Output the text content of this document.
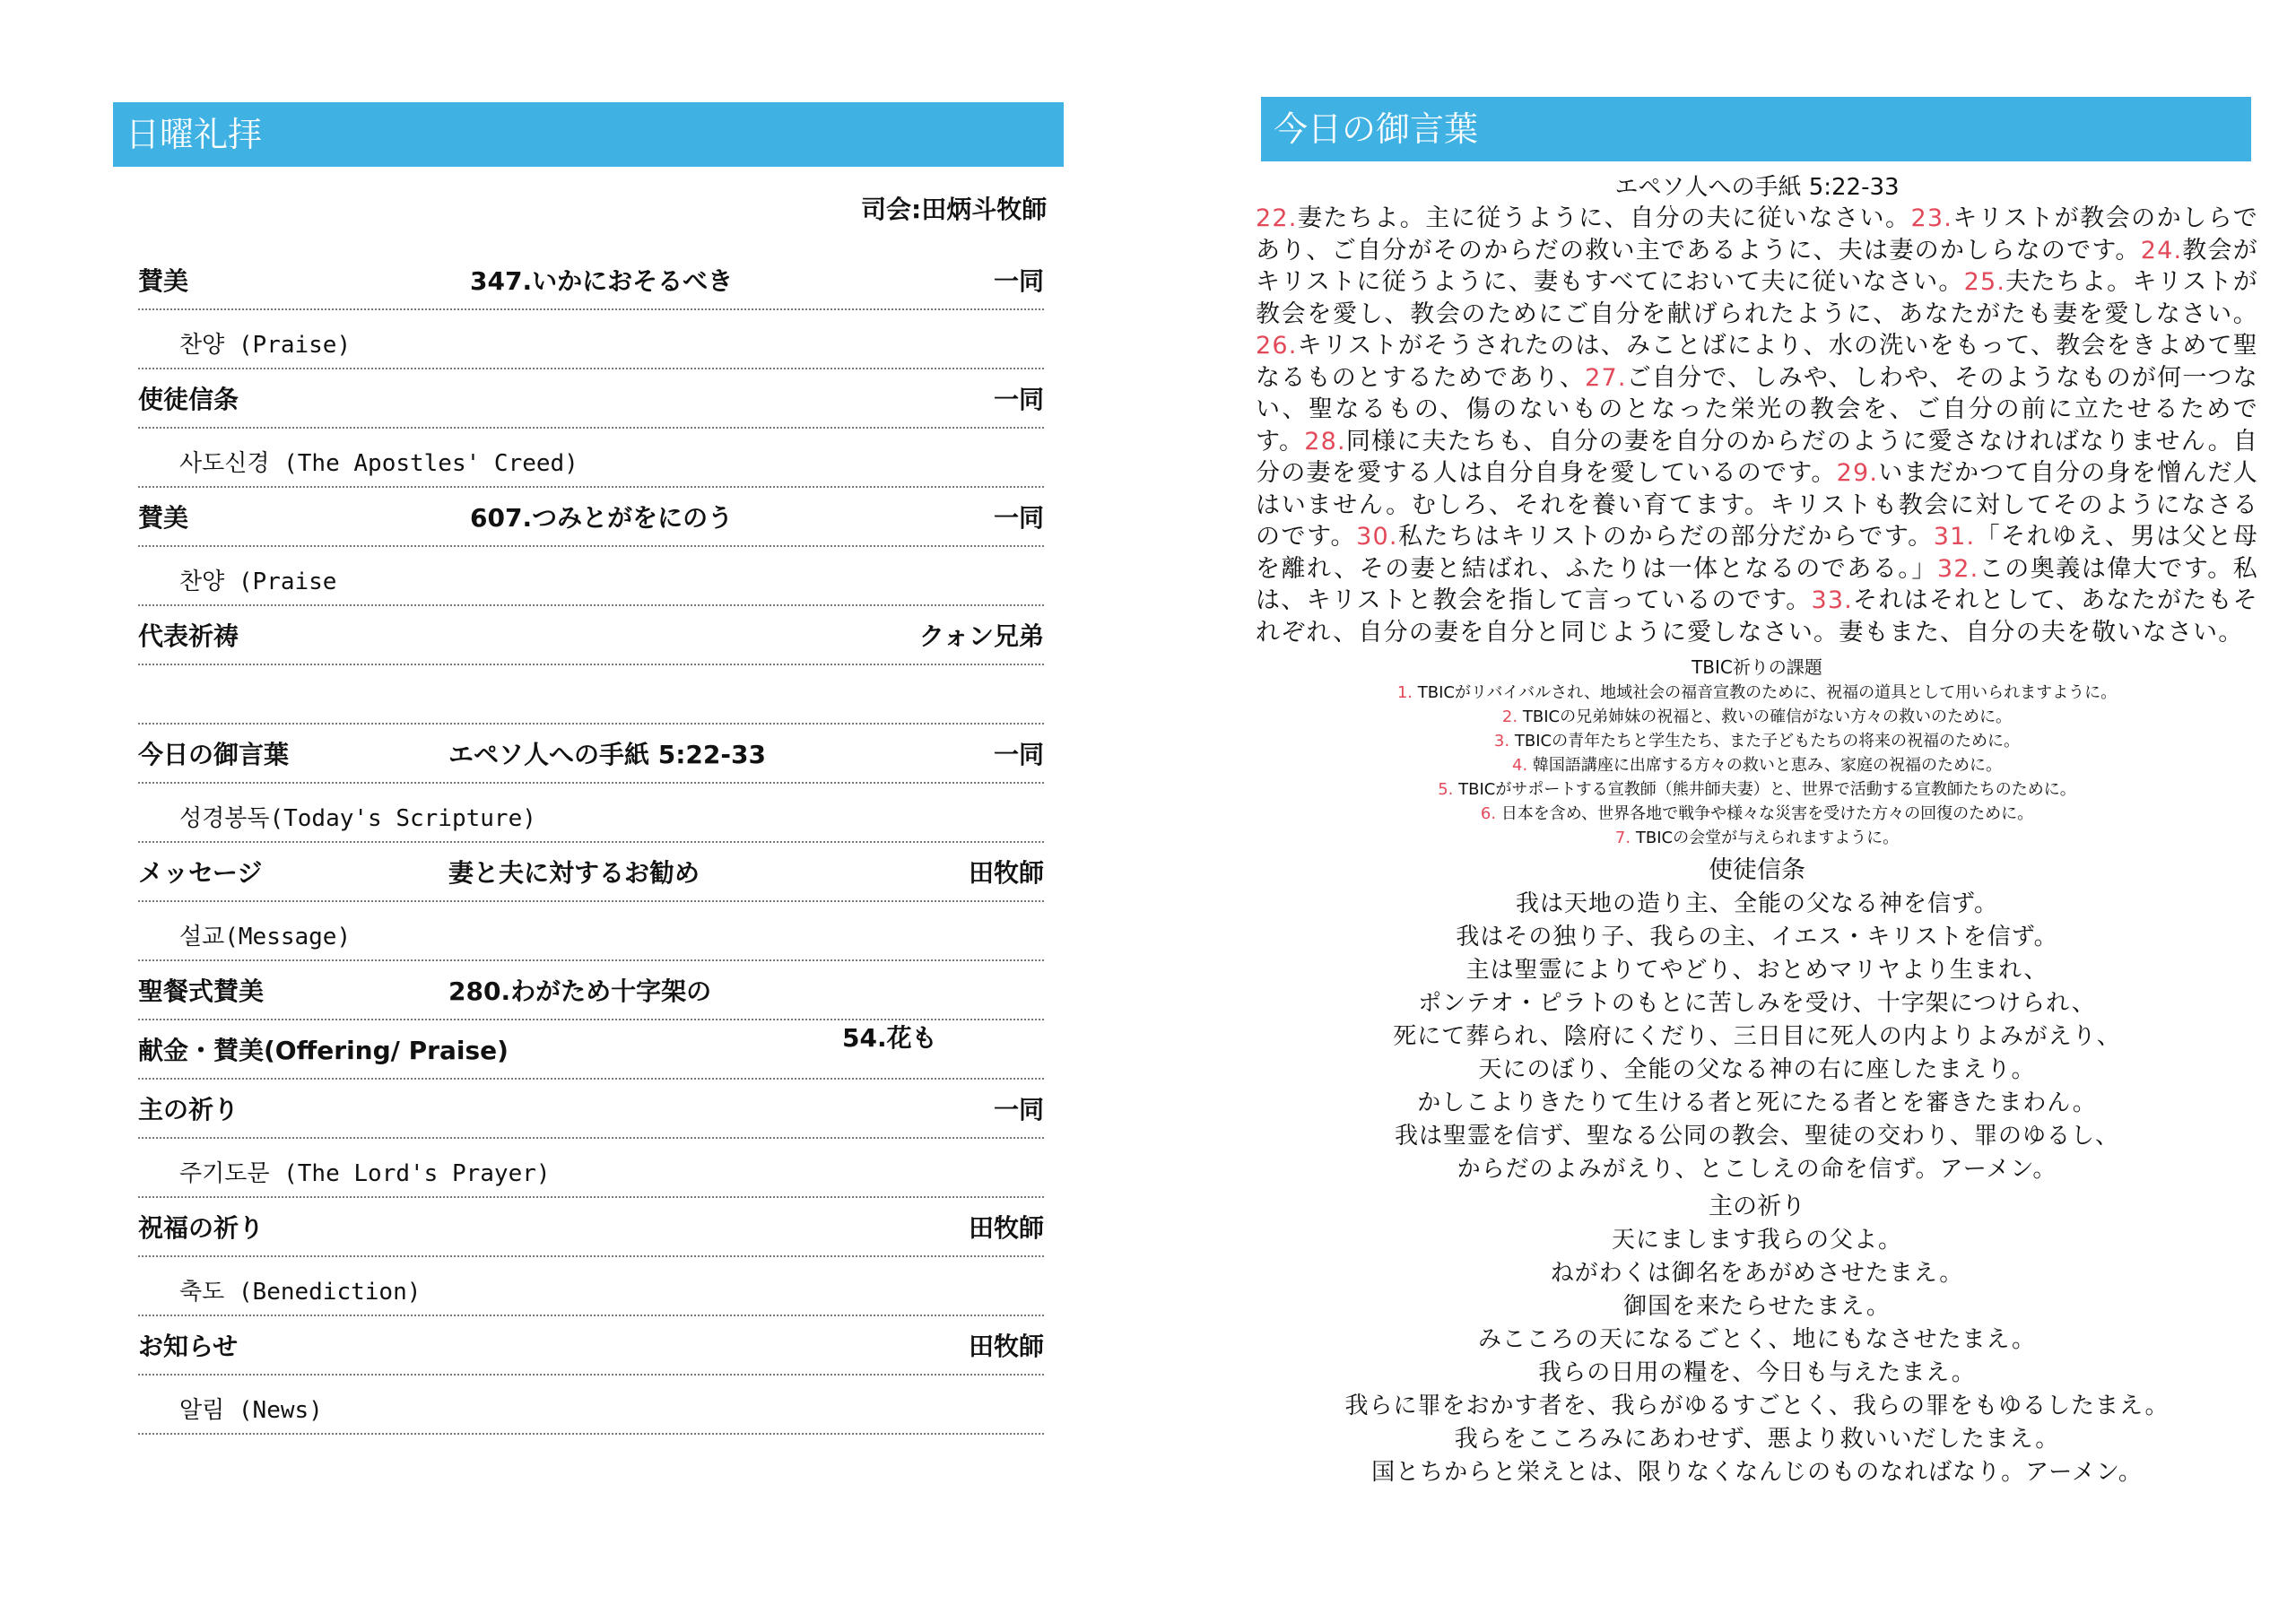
日曜礼拝
司会:田炳斗牧師
賛美	347.いかにおそるべき	一同
찬양 (Praise)
使徒信条	一同
사도신경 (The Apostles' Creed)
賛美	607.つみとがをにのう	一同
찬양 (Praise
代表祈祷	クォン兄弟
今日の御言葉	エペソ人への手紙 5:22-33	一同
성경봉독(Today's Scripture)
メッセージ	妻と夫に対するお勧め	田牧師
설교(Message)
聖餐式賛美	280.わがため十字架の
献金・賛美(Offering/ Praise)	54.花も
主の祈り	一同
주기도문 (The Lord's Prayer)
祝福の祈り	田牧師
축도 (Benediction)
お知らせ	田牧師
알림 (News)
今日の御言葉
エペソ人への手紙 5:22-33
22.妻たちよ。主に従うように、自分の夫に従いなさい。23.キリストが教会のかしらであり、ご自分がそのからだの救い主であるように、夫は妻のかしらなのです。24.教会がキリストに従うように、妻もすべてにおいて夫に従いなさい。25.夫たちよ。キリストが教会を愛し、教会のためにご自分を献げられたように、あなたがたも妻を愛しなさい。26.キリストがそうされたのは、みことばにより、水の洗いをもって、教会をきよめて聖なるものとするためであり、27.ご自分で、しみや、しわや、そのようなものが何一つない、聖なるもの、傷のないものとなった栄光の教会を、ご自分の前に立たせるためです。28.同様に夫たちも、自分の妻を自分のからだのように愛さなければなりません。自分の妻を愛する人は自分自身を愛しているのです。29.いまだかつて自分の身を憎んだ人はいません。むしろ、それを養い育てます。キリストも教会に対してそのようになさるのです。30.私たちはキリストのからだの部分だからです。31.「それゆえ、男は父と母を離れ、その妻と結ばれ、ふたりは一体となるのである。」32.この奥義は偉大です。私は、キリストと教会を指して言っているのです。33.それはそれとして、あなたがたもそれぞれ、自分の妻を自分と同じように愛しなさい。妻もまた、自分の夫を敬いなさい。
TBIC祈りの課題
1. TBICがリバイバルされ、地域社会の福音宣教のために、祝福の道具として用いられますように。
2. TBICの兄弟姉妹の祝福と、救いの確信がない方々の救いのために。
3. TBICの青年たちと学生たち、また子どもたちの将来の祝福のために。
4. 韓国語講座に出席する方々の救いと恵み、家庭の祝福のために。
5. TBICがサポートする宣教師（熊井師夫妻）と、世界で活動する宣教師たちのために。
6. 日本を含め、世界各地で戦争や様々な災害を受けた方々の回復のために。
7. TBICの会堂が与えられますように。
使徒信条
我は天地の造り主、全能の父なる神を信ず。
我はその独り子、我らの主、イエス・キリストを信ず。
主は聖霊によりてやどり、おとめマリヤより生まれ、
ポンテオ・ピラトのもとに苦しみを受け、十字架につけられ、
死にて葬られ、陰府にくだり、三日目に死人の内よりよみがえり、
天にのぼり、全能の父なる神の右に座したまえり。
かしこよりきたりて生ける者と死にたる者とを審きたまわん。
我は聖霊を信ず、聖なる公同の教会、聖徒の交わり、罪のゆるし、
からだのよみがえり、とこしえの命を信ず。アーメン。
主の祈り
天にまします我らの父よ。
ねがわくは御名をあがめさせたまえ。
御国を来たらせたまえ。
みこころの天になるごとく、地にもなさせたまえ。
我らの日用の糧を、今日も与えたまえ。
我らに罪をおかす者を、我らがゆるすごとく、我らの罪をもゆるしたまえ。
我らをこころみにあわせず、悪より救いいだしたまえ。
国とちからと栄えとは、限りなくなんじのものなればなり。アーメン。
